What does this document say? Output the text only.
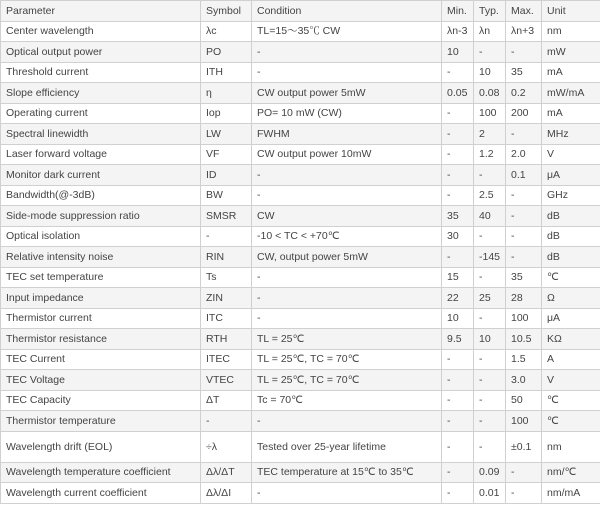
Parameter	Symbol	Condition	Min.	Typ.	Max.	Unit
Center wavelength	λc	TL=15～35℃ CW	λn-3	λn	λn+3	nm
Optical output power	PO	-	10	-	-	mW
Threshold current	ITH	-	-	10	35	mA
Slope efficiency	η	CW output power 5mW	0.05	0.08	0.2	mW/mA
Operating current	Iop	PO= 10 mW (CW)	-	100	200	mA
Spectral linewidth	LW	FWHM	-	2	-	MHz
Laser forward voltage	VF	CW output power 10mW	-	1.2	2.0	V
Monitor dark current	ID	-	-	-	0.1	μA
Bandwidth(@-3dB)	BW	-	-	2.5	-	GHz
Side-mode suppression ratio	SMSR	CW	35	40	-	dB
Optical isolation	-	-10 < TC < +70℃	30	-	-	dB
Relative intensity noise	RIN	CW, output power 5mW	-	-145	-	dB
TEC set temperature	Ts	-	15	-	35	℃
Input impedance	ZIN	-	22	25	28	Ω
Thermistor current	ITC	-	10	-	100	μA
Thermistor resistance	RTH	TL = 25℃	9.5	10	10.5	KΩ
TEC Current	ITEC	TL = 25℃, TC = 70℃	-	-	1.5	A
TEC Voltage	VTEC	TL = 25℃, TC = 70℃	-	-	3.0	V
TEC Capacity	ΔT	Tc = 70℃	-	-	50	℃
Thermistor temperature	-	-	-	-	100	℃
Wavelength drift (EOL)	÷λ	Tested over 25-year lifetime	-	-	±0.1	nm
Wavelength temperature coefficient	Δλ/ΔT	TEC temperature at 15℃ to 35℃	-	0.09	-	nm/℃
Wavelength current coefficient	Δλ/ΔI	-	-	0.01	-	nm/mA
